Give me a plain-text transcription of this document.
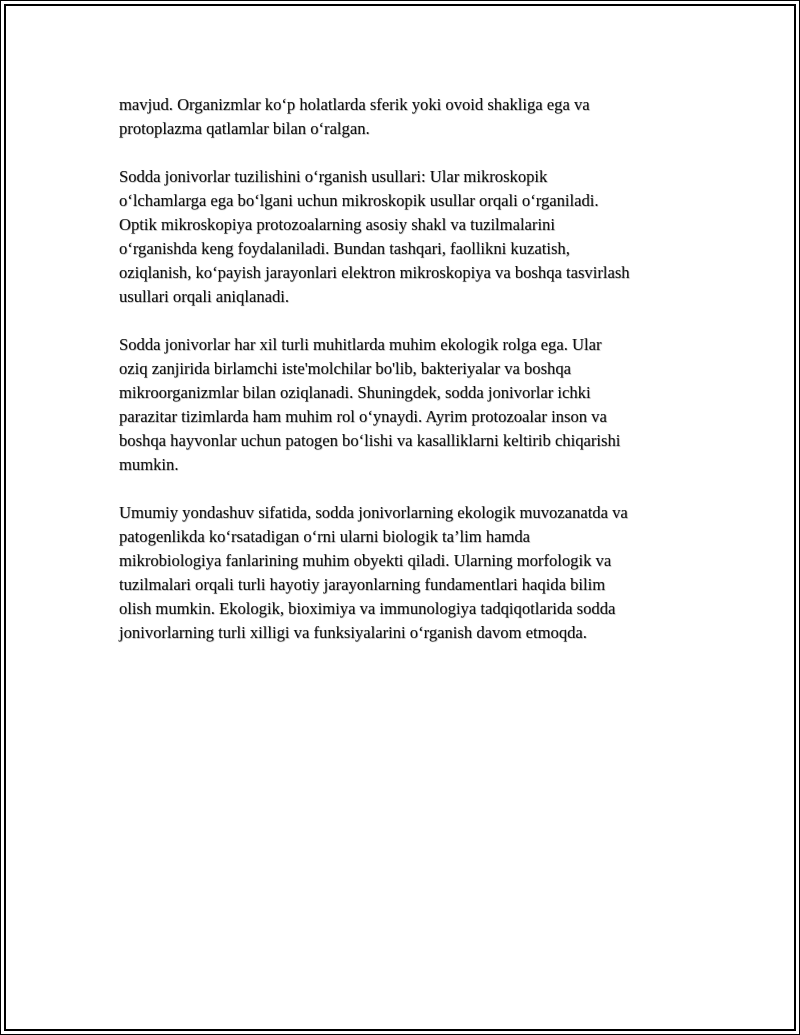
mavjud. Organizmlar ko‘p holatlarda sferik yoki ovoid shakliga ega va
protoplazma qatlamlar bilan o‘ralgan.

Sodda jonivorlar tuzilishini o‘rganish usullari: Ular mikroskopik
o‘lchamlarga ega bo‘lgani uchun mikroskopik usullar orqali o‘rganiladi.
Optik mikroskopiya protozoalarning asosiy shakl va tuzilmalarini
o‘rganishda keng foydalaniladi. Bundan tashqari, faollikni kuzatish,
oziqlanish, ko‘payish jarayonlari elektron mikroskopiya va boshqa tasvirlash
usullari orqali aniqlanadi.

Sodda jonivorlar har xil turli muhitlarda muhim ekologik rolga ega. Ular
oziq zanjirida birlamchi iste'molchilar bo'lib, bakteriyalar va boshqa
mikroorganizmlar bilan oziqlanadi. Shuningdek, sodda jonivorlar ichki
parazitar tizimlarda ham muhim rol o‘ynaydi. Ayrim protozoalar inson va
boshqa hayvonlar uchun patogen bo‘lishi va kasalliklarni keltirib chiqarishi
mumkin.

Umumiy yondashuv sifatida, sodda jonivorlarning ekologik muvozanatda va
patogenlikda ko‘rsatadigan o‘rni ularni biologik ta’lim hamda
mikrobiologiya fanlarining muhim obyekti qiladi. Ularning morfologik va
tuzilmalari orqali turli hayotiy jarayonlarning fundamentlari haqida bilim
olish mumkin. Ekologik, bioximiya va immunologiya tadqiqotlarida sodda
jonivorlarning turli xilligi va funksiyalarini o‘rganish davom etmoqda.
